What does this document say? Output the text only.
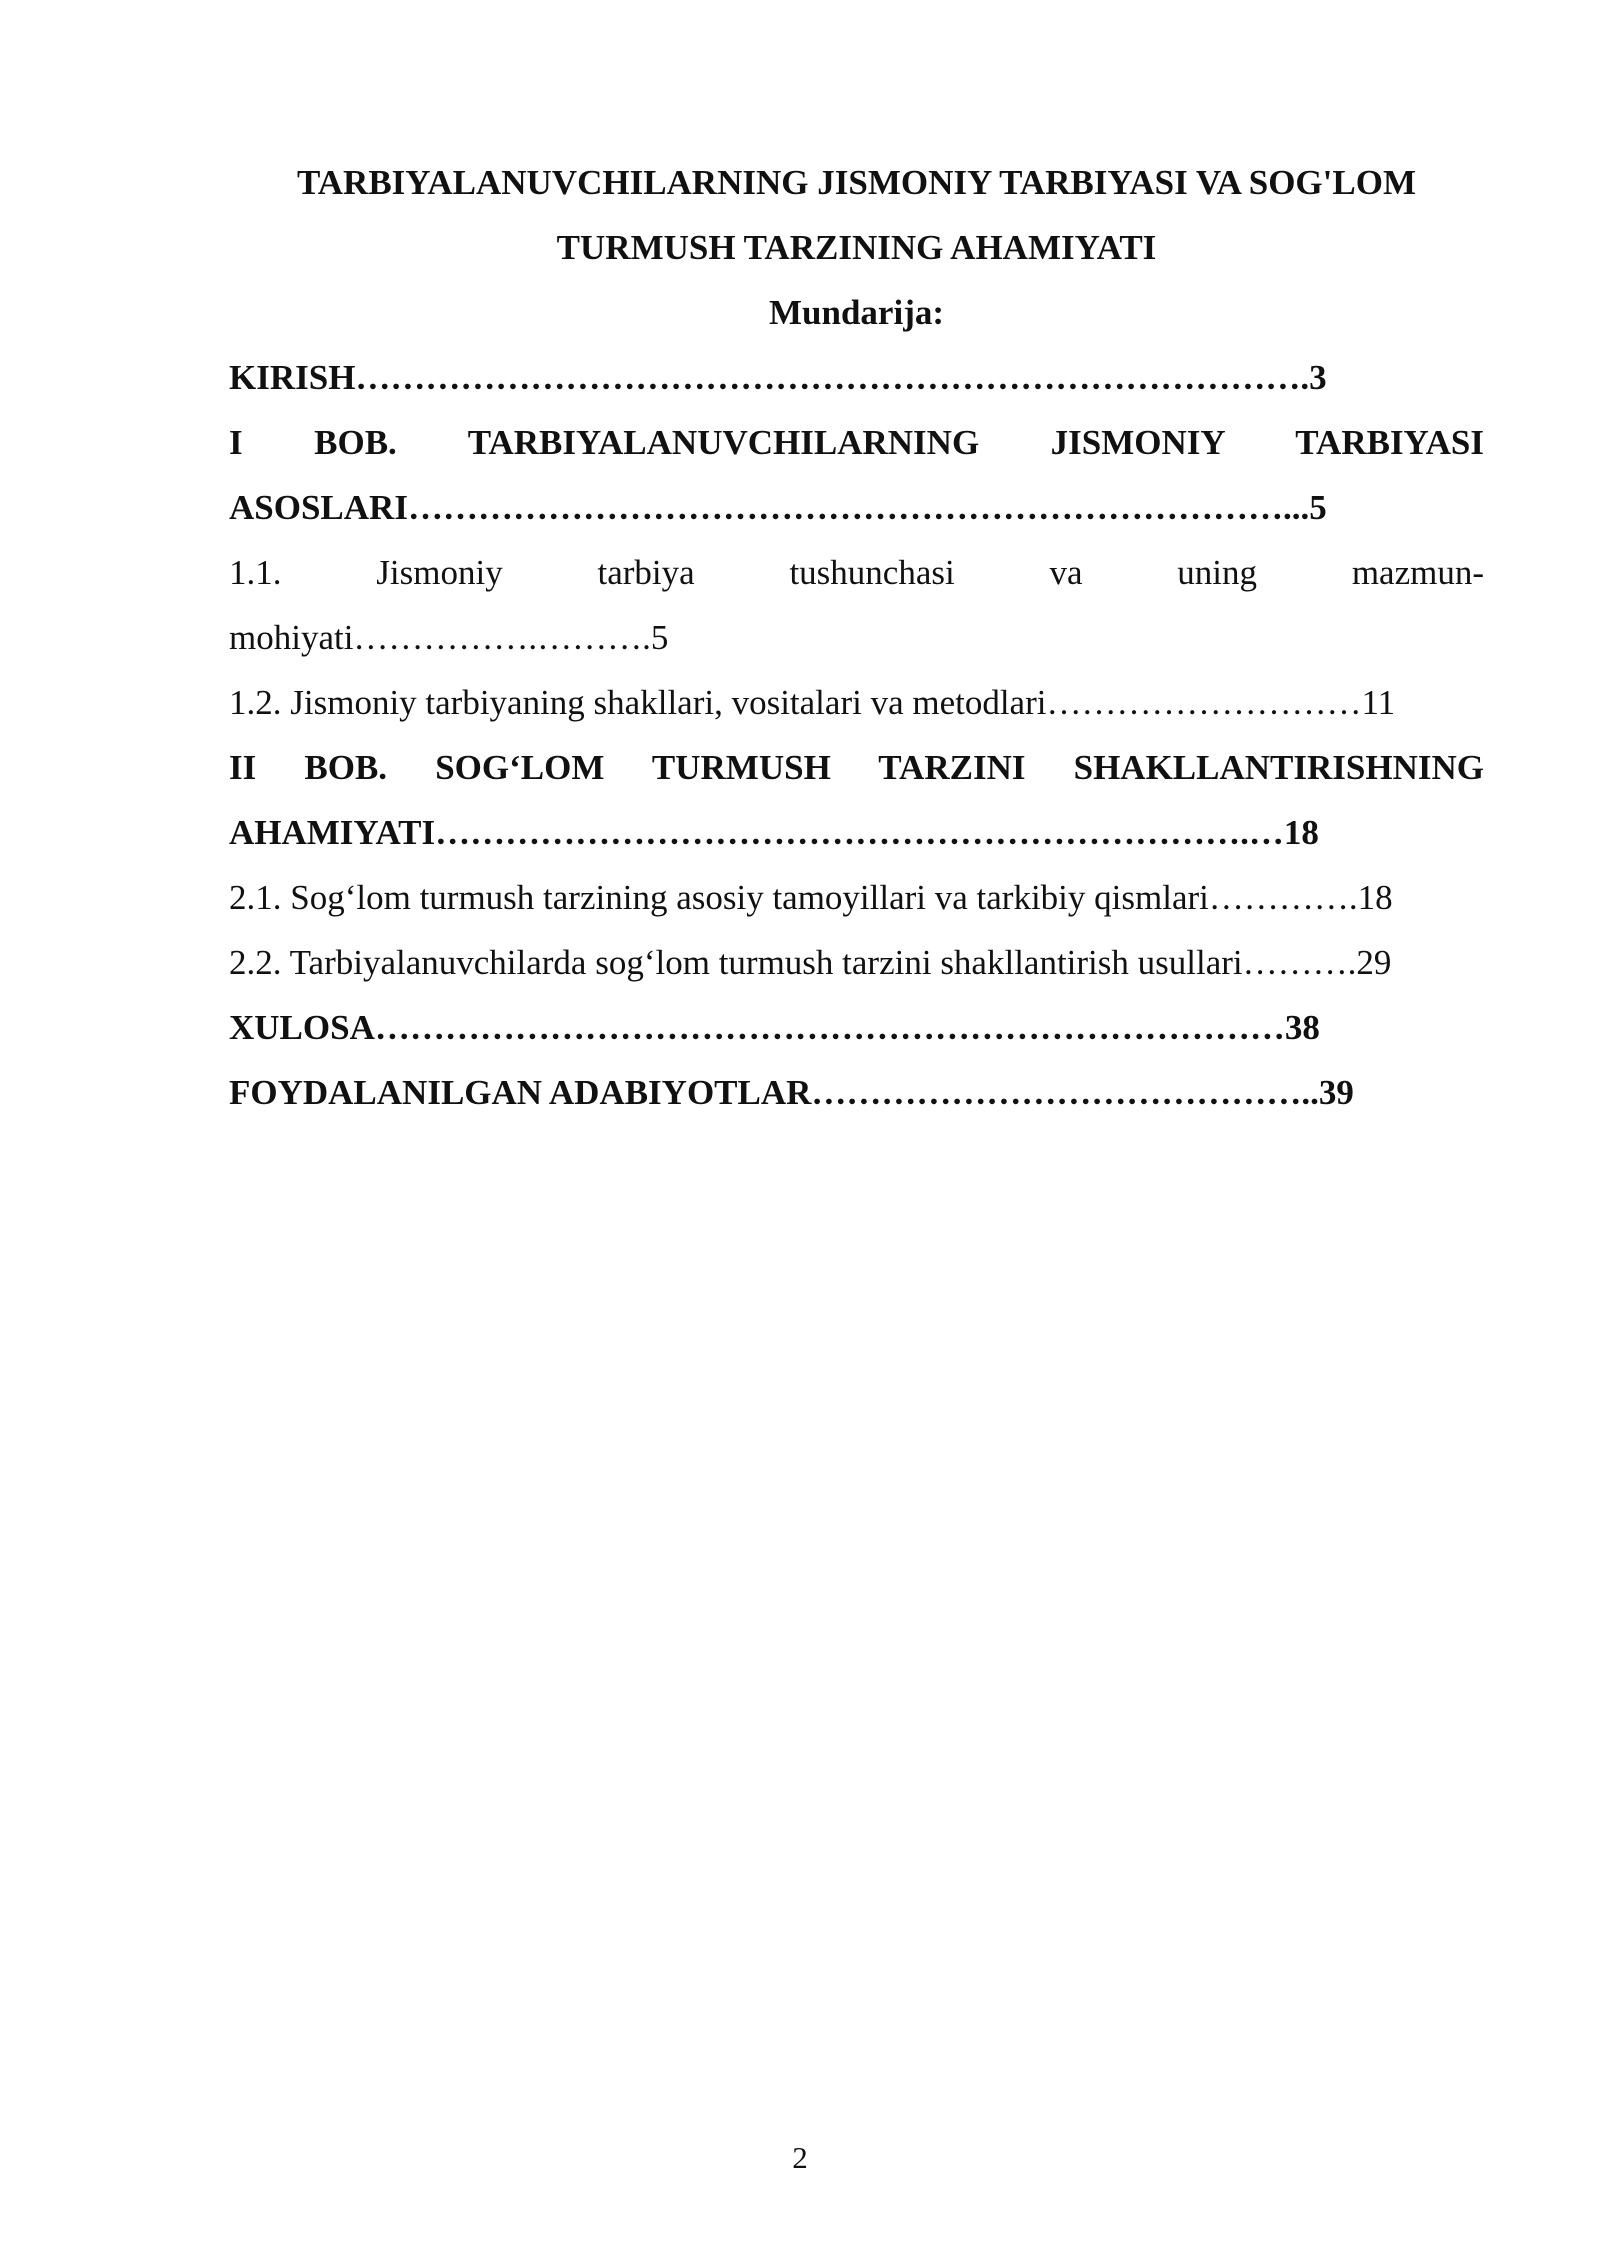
TARBIYALANUVCHILARNING JISMONIY TARBIYASI VA SOG'LOM

TURMUSH TARZINING AHAMIYATI

Mundarija:

KIRISH……………………………………………………………………….3

I BOB. TARBIYALANUVCHILARNING JISMONIY TARBIYASI

ASOSLARI…………………………………………………………………...5

1.1. Jismoniy tarbiya tushunchasi va uning mazmun-

mohiyati…………….……….5

1.2. Jismoniy tarbiyaning shakllari, vositalari va metodlari………………………11

II BOB. SOG‘LOM TURMUSH TARZINI SHAKLLANTIRISHNING

AHAMIYATI…………………………………………………………….…18

2.1. Sog‘lom turmush tarzining asosiy tamoyillari va tarkibiy qismlari………….18

2.2. Tarbiyalanuvchilarda sog‘lom turmush tarzini shakllantirish usullari……….29

XULOSA……………………………………………………………………38

FOYDALANILGAN ADABIYOTLAR……………………………………..39

2
